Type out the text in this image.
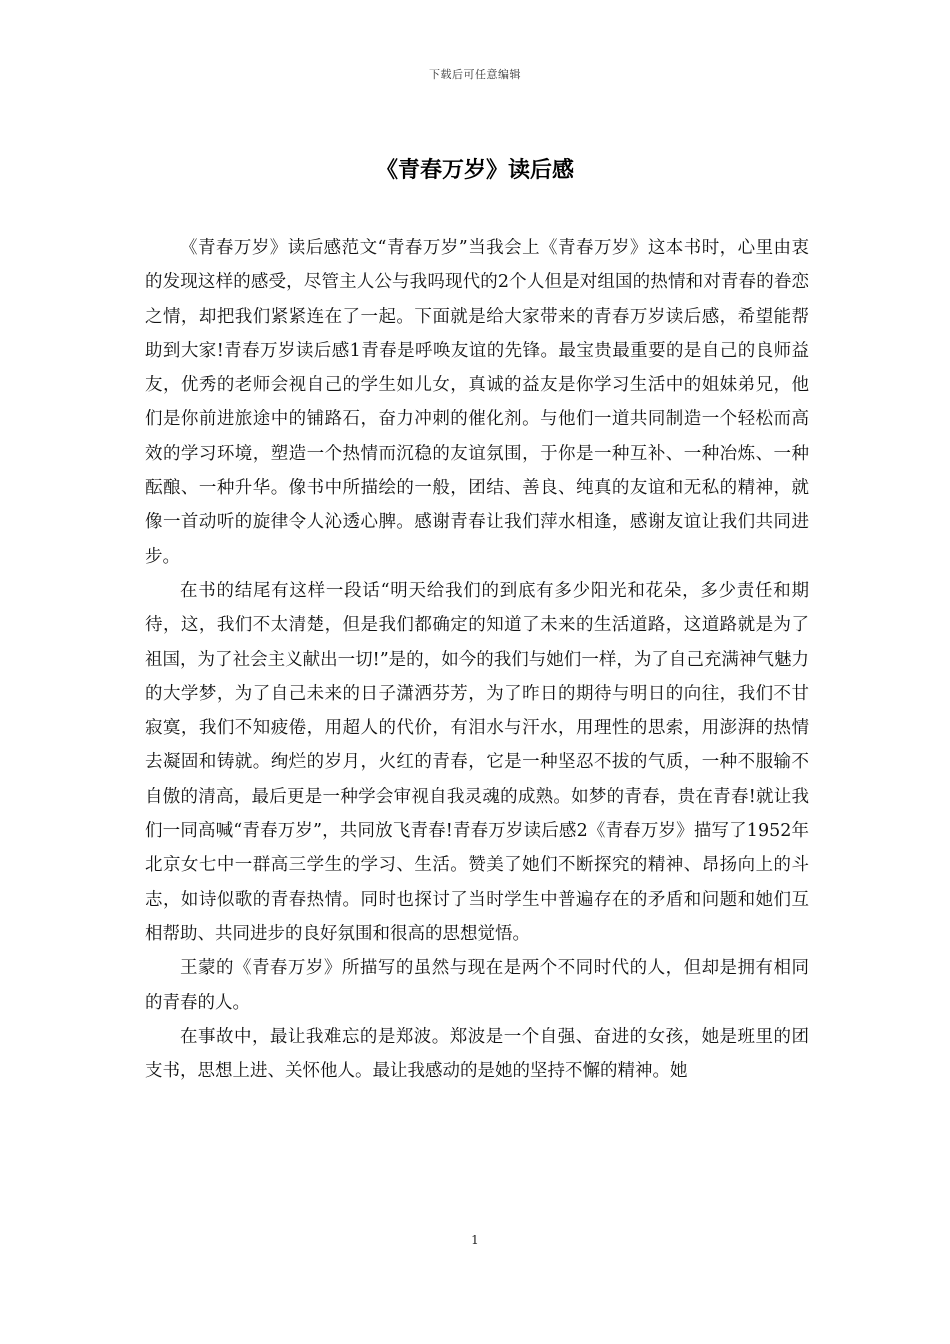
下载后可任意编辑
《青春万岁》读后感

《青春万岁》读后感范文“青春万岁”当我会上《青春万岁》这本书时，心里由衷的发现这样的感受，尽管主人公与我吗现代的2个人但是对组国的热情和对青春的眷恋之情，却把我们紧紧连在了一起。下面就是给大家带来的青春万岁读后感，希望能帮助到大家!青春万岁读后感1青春是呼唤友谊的先锋。最宝贵最重要的是自己的良师益友，优秀的老师会视自己的学生如儿女，真诚的益友是你学习生活中的姐妹弟兄，他们是你前进旅途中的铺路石，奋力冲刺的催化剂。与他们一道共同制造一个轻松而高效的学习环境，塑造一个热情而沉稳的友谊氛围，于你是一种互补、一种冶炼、一种酝酿、一种升华。像书中所描绘的一般，团结、善良、纯真的友谊和无私的精神，就像一首动听的旋律令人沁透心脾。感谢青春让我们萍水相逢，感谢友谊让我们共同进步。

在书的结尾有这样一段话“明天给我们的到底有多少阳光和花朵，多少责任和期待，这，我们不太清楚，但是我们都确定的知道了未来的生活道路，这道路就是为了祖国，为了社会主义献出一切!”是的，如今的我们与她们一样，为了自己充满神气魅力的大学梦，为了自己未来的日子潇洒芬芳，为了昨日的期待与明日的向往，我们不甘寂寞，我们不知疲倦，用超人的代价，有泪水与汗水，用理性的思索，用澎湃的热情去凝固和铸就。绚烂的岁月，火红的青春，它是一种坚忍不拔的气质，一种不服输不自傲的清高，最后更是一种学会审视自我灵魂的成熟。如梦的青春，贵在青春!就让我们一同高喊“青春万岁”，共同放飞青春!青春万岁读后感2《青春万岁》描写了1952年北京女七中一群高三学生的学习、生活。赞美了她们不断探究的精神、昂扬向上的斗志，如诗似歌的青春热情。同时也探讨了当时学生中普遍存在的矛盾和问题和她们互相帮助、共同进步的良好氛围和很高的思想觉悟。

王蒙的《青春万岁》所描写的虽然与现在是两个不同时代的人，但却是拥有相同的青春的人。

在事故中，最让我难忘的是郑波。郑波是一个自强、奋进的女孩，她是班里的团支书，思想上进、关怀他人。最让我感动的是她的坚持不懈的精神。她

1
